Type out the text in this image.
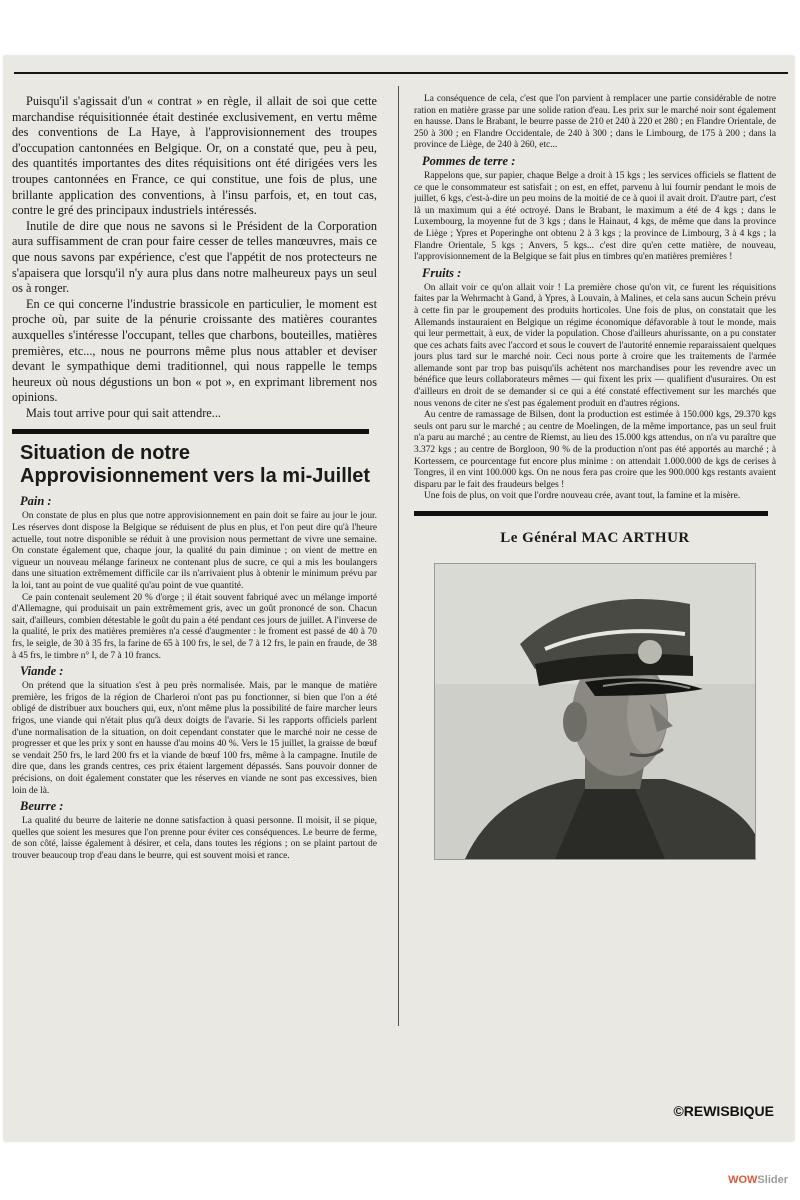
Puisqu'il s'agissait d'un « contrat » en règle, il allait de soi que cette marchandise réquisitionnée était destinée exclusivement, en vertu même des conventions de La Haye, à l'approvisionnement des troupes d'occupation cantonnées en Belgique. Or, on a constaté que, peu à peu, des quantités importantes des dites réquisitions ont été dirigées vers les troupes cantonnées en France, ce qui constitue, une fois de plus, une brillante application des conventions, à l'insu parfois, et, en tout cas, contre le gré des principaux industriels intéressés.

Inutile de dire que nous ne savons si le Président de la Corporation aura suffisamment de cran pour faire cesser de telles manœuvres, mais ce que nous savons par expérience, c'est que l'appétit de nos protecteurs ne s'apaisera que lorsqu'il n'y aura plus dans notre malheureux pays un seul os à ronger.

En ce qui concerne l'industrie brassicole en particulier, le moment est proche où, par suite de la pénurie croissante des matières courantes auxquelles s'intéresse l'occupant, telles que charbons, bouteilles, matières premières, etc..., nous ne pourrons même plus nous attabler et deviser devant le sympathique demi traditionnel, qui nous rappelle le temps heureux où nous dégustions un bon « pot », en exprimant librement nos opinions.

Mais tout arrive pour qui sait attendre...

Situation de notre Approvisionnement vers la mi-Juillet
Pain :

On constate de plus en plus que notre approvisionnement en pain doit se faire au jour le jour. Les réserves dont dispose la Belgique se réduisent de plus en plus, et l'on peut dire qu'à l'heure actuelle, tout notre disponible se réduit à une provision nous permettant de vivre une semaine. On constate également que, chaque jour, la qualité du pain diminue ; on vient de mettre en vigueur un nouveau mélange farineux ne contenant plus de sucre, ce qui a mis les boulangers dans une situation extrêmement difficile car ils n'arrivaient plus à obtenir le minimum prévu par la loi, tant au point de vue qualité qu'au point de vue quantité.

Ce pain contenait seulement 20 % d'orge ; il était souvent fabriqué avec un mélange importé d'Allemagne, qui produisait un pain extrêmement gris, avec un goût prononcé de son. Chacun sait, d'ailleurs, combien détestable le goût du pain a été pendant ces jours de juillet. A l'inverse de la qualité, le prix des matières premières n'a cessé d'augmenter : le froment est passé de 40 à 70 frs, le seigle, de 30 à 35 frs, la farine de 65 à 100 frs, le sel, de 7 à 12 frs, le pain en fraude, de 38 à 45 frs, le timbre n° I, de 7 à 10 francs.

Viande :

On prétend que la situation s'est à peu près normalisée. Mais, par le manque de matière première, les frigos de la région de Charleroi n'ont pas pu fonctionner, si bien que l'on a été obligé de distribuer aux bouchers qui, eux, n'ont même plus la possibilité de faire marcher leurs frigos, une viande qui n'était plus qu'à deux doigts de l'avarie. Si les rapports officiels parlent d'une normalisation de la situation, on doit cependant constater que le marché noir ne cesse de progresser et que les prix y sont en hausse d'au moins 40 %. Vers le 15 juillet, la graisse de bœuf se vendait 250 frs, le lard 200 frs et la viande de bœuf 100 frs, même à la campagne. Inutile de dire que, dans les grands centres, ces prix étaient largement dépassés. Sans pouvoir donner de précisions, on doit également constater que les réserves en viande ne sont pas excessives, bien loin de là.

Beurre :

La qualité du beurre de laiterie ne donne satisfaction à quasi personne. Il moisit, il se pique, quelles que soient les mesures que l'on prenne pour éviter ces conséquences. Le beurre de ferme, de son côté, laisse également à désirer, et cela, dans toutes les régions ; on se plaint partout de trouver beaucoup trop d'eau dans le beurre, qui est souvent moisi et rance.

La conséquence de cela, c'est que l'on parvient à remplacer une partie considérable de notre ration en matière grasse par une solide ration d'eau. Les prix sur le marché noir sont également en hausse. Dans le Brabant, le beurre passe de 210 et 240 à 220 et 280 ; en Flandre Orientale, de 250 à 300 ; en Flandre Occidentale, de 240 à 300 ; dans le Limbourg, de 175 à 200 ; dans la province de Liège, de 240 à 260, etc...

Pommes de terre :

Rappelons que, sur papier, chaque Belge a droit à 15 kgs ; les services officiels se flattent de ce que le consommateur est satisfait ; on est, en effet, parvenu à lui fournir pendant le mois de juillet, 6 kgs, c'est-à-dire un peu moins de la moitié de ce à quoi il avait droit. D'autre part, c'est là un maximum qui a été octroyé. Dans le Brabant, le maximum a été de 4 kgs ; dans le Luxembourg, la moyenne fut de 3 kgs ; dans le Hainaut, 4 kgs, de même que dans la province de Liège ; Ypres et Poperinghe ont obtenu 2 à 3 kgs ; la province de Limbourg, 3 à 4 kgs ; la Flandre Orientale, 5 kgs ; Anvers, 5 kgs... c'est dire qu'en cette matière, de nouveau, l'approvisionnement de la Belgique se fait plus en timbres qu'en matières premières !

Fruits :

On allait voir ce qu'on allait voir ! La première chose qu'on vit, ce furent les réquisitions faites par la Wehrmacht à Gand, à Ypres, à Louvain, à Malines, et cela sans aucun Schein prévu à cette fin par le groupement des produits horticoles. Une fois de plus, on constatait que les Allemands instauraient en Belgique un régime économique défavorable à tout le monde, mais qui leur permettait, à eux, de vider la population. Chose d'ailleurs ahurissante, on a pu constater que ces achats faits avec l'accord et sous le couvert de l'autorité ennemie reparaissaient quelques jours plus tard sur le marché noir. Ceci nous porte à croire que les traitements de l'armée allemande sont par trop bas puisqu'ils achètent nos marchandises pour les revendre avec un bénéfice que leurs collaborateurs mêmes — qui fixent les prix — qualifient d'usuraires. On est d'ailleurs en droit de se demander si ce qui a été constaté effectivement sur les marchés que nous venons de citer ne s'est pas également produit en d'autres régions.

Au centre de ramassage de Bilsen, dont la production est estimée à 150.000 kgs, 29.370 kgs seuls ont paru sur le marché ; au centre de Moelingen, de la même importance, pas un seul fruit n'a paru au marché ; au centre de Riemst, au lieu des 15.000 kgs attendus, on n'a vu paraître que 3.372 kgs ; au centre de Borgloon, 90 % de la production n'ont pas été apportés au marché ; à Kortessem, ce pourcentage fut encore plus minime : on attendait 1.000.000 de kgs de cerises à Tongres, il en vint 100.000 kgs. On ne nous fera pas croire que les 900.000 kgs restants avaient disparu par le fait des fraudeurs belges !

Une fois de plus, on voit que l'ordre nouveau crée, avant tout, la famine et la misère.

Le Général MAC ARTHUR
©REWISBIQUE
WOWSlider
